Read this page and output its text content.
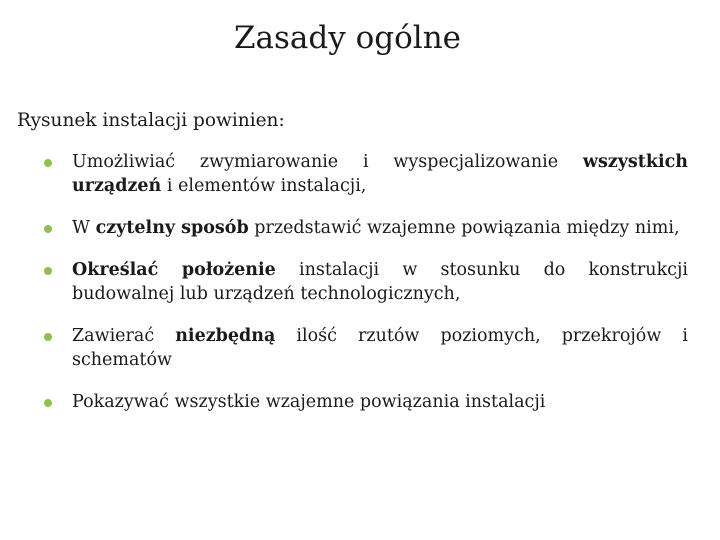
Zasady ogólne

Rysunek instalacji powinien:

Umożliwiać zwymiarowanie i wyspecjalizowanie wszystkich urządzeń i elementów instalacji,
W czytelny sposób przedstawić wzajemne powiązania między nimi,
Określać położenie instalacji w stosunku do konstrukcji budowalnej lub urządzeń technologicznych,
Zawierać niezbędną ilość rzutów poziomych, przekrojów i schematów
Pokazywać wszystkie wzajemne powiązania instalacji
